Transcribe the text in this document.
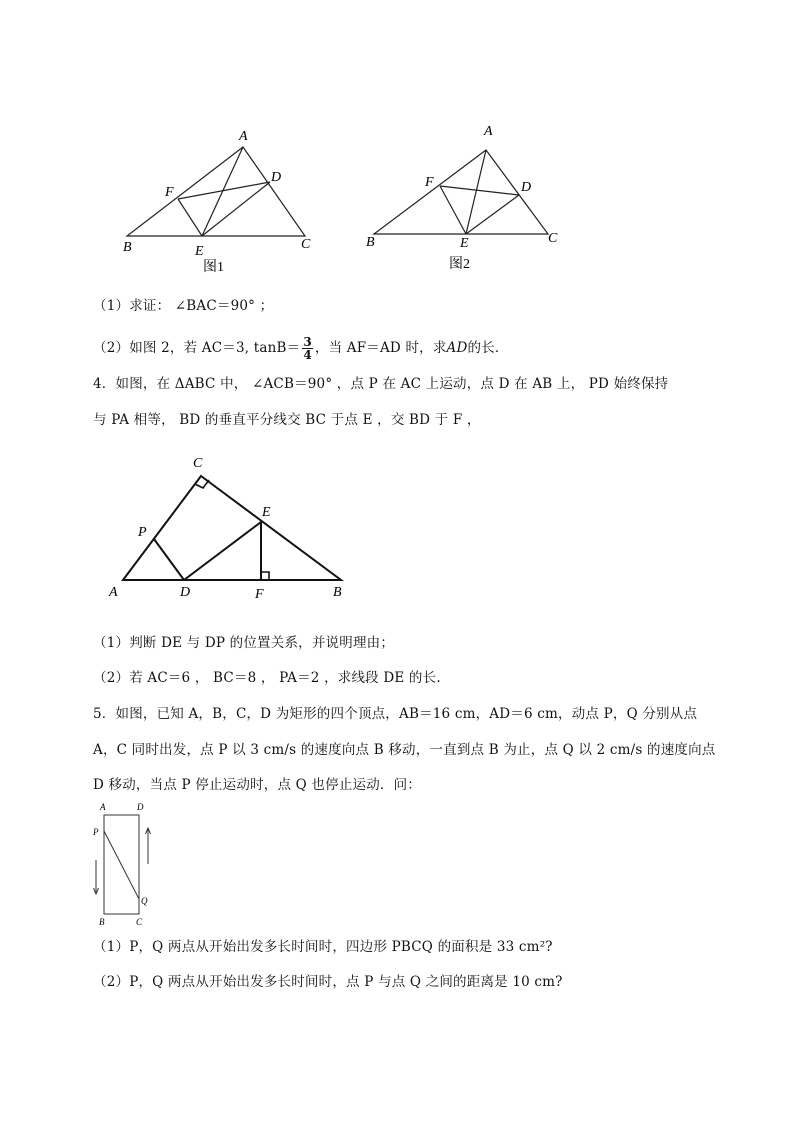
A
B	C
D
E
F
图1
A
B	C
D
E
F
图2
（1）求证： ∠BAC＝90° ；
（2）如图 2，若 AC＝3, $\tan B= \frac{3}{4}$ ，当 AF＝AD 时，求AD的长．
4．如图，在 ΔABC 中， ∠ACB＝90° ，点 P 在 AC 上运动，点 D 在 AB 上， PD 始终保持
与 PA 相等， BD 的垂直平分线交 BC 于点 E ，交 BD 于 F ，
C
P
E
A	D	F	B
（1）判断 DE 与 DP 的位置关系，并说明理由；
（2）若 AC＝6 ， BC＝8 ， PA＝2 ，求线段 DE 的长.
5．如图，已知 A，B，C，D 为矩形的四个顶点，AB＝16 cm，AD＝6 cm，动点 P，Q 分别从点
A，C 同时出发，点 P 以 3 cm/s 的速度向点 B 移动，一直到点 B 为止，点 Q 以 2 cm/s 的速度向点
D 移动，当点 P 停止运动时，点 Q 也停止运动．问：
A	D
P
Q
B	C
（1）P，Q 两点从开始出发多长时间时，四边形 PBCQ 的面积是 33 cm²?
（2）P，Q 两点从开始出发多长时间时，点 P 与点 Q 之间的距离是 10 cm?
